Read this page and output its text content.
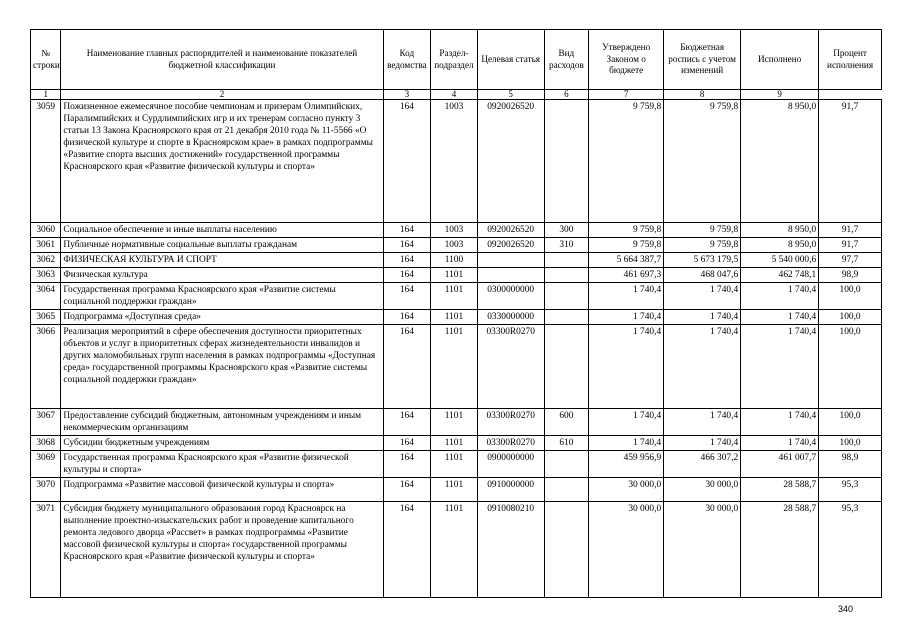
№ строки	Наименование главных распорядителей и наименование показателей бюджетной классификации	Код ведомства	Раздел-подраздел	Целевая статья	Вид расходов	Утверждено Законом о бюджете	Бюджетная роспись с учетом изменений	Исполнено	Процент исполнения
1	2	3	4	5	6	7	8	9	
3059	Пожизненное ежемесячное пособие чемпионам и призерам Олимпийских, Паралимпийских и Сурдлимпийских игр и их тренерам согласно пункту 3 статьи 13 Закона Красноярского края от 21 декабря 2010 года № 11-5566 «О физической культуре и спорте в Красноярском крае» в рамках подпрограммы «Развитие спорта высших достижений» государственной программы Красноярского края «Развитие физической культуры и спорта»	164	1003	0920026520		9 759,8	9 759,8	8 950,0	91,7
3060	Социальное обеспечение и иные выплаты населению	164	1003	0920026520	300	9 759,8	9 759,8	8 950,0	91,7
3061	Публичные нормативные социальные выплаты гражданам	164	1003	0920026520	310	9 759,8	9 759,8	8 950,0	91,7
3062	ФИЗИЧЕСКАЯ КУЛЬТУРА И СПОРТ	164	1100			5 664 387,7	5 673 179,5	5 540 000,6	97,7
3063	Физическая культура	164	1101			461 697,3	468 047,6	462 748,1	98,9
3064	Государственная программа Красноярского края «Развитие системы социальной поддержки граждан»	164	1101	0300000000		1 740,4	1 740,4	1 740,4	100,0
3065	Подпрограмма «Доступная среда»	164	1101	0330000000		1 740,4	1 740,4	1 740,4	100,0
3066	Реализация мероприятий в сфере обеспечения доступности приоритетных объектов и услуг в приоритетных сферах жизнедеятельности инвалидов и других маломобильных групп населения в рамках подпрограммы «Доступная среда» государственной программы Красноярского края «Развитие системы социальной поддержки граждан»	164	1101	03300R0270		1 740,4	1 740,4	1 740,4	100,0
3067	Предоставление субсидий бюджетным, автономным учреждениям и иным некоммерческим организациям	164	1101	03300R0270	600	1 740,4	1 740,4	1 740,4	100,0
3068	Субсидии бюджетным учреждениям	164	1101	03300R0270	610	1 740,4	1 740,4	1 740,4	100,0
3069	Государственная программа Красноярского края «Развитие физической культуры и спорта»	164	1101	0900000000		459 956,9	466 307,2	461 007,7	98,9
3070	Подпрограмма «Развитие массовой физической культуры и спорта»	164	1101	0910000000		30 000,0	30 000,0	28 588,7	95,3
3071	Субсидия бюджету муниципального образования город Красноярск на выполнение проектно-изыскательских работ и проведение капитального ремонта ледового дворца «Рассвет» в рамках подпрограммы «Развитие массовой физической культуры и спорта» государственной программы Красноярского края «Развитие физической культуры и спорта»	164	1101	0910080210		30 000,0	30 000,0	28 588,7	95,3
340
